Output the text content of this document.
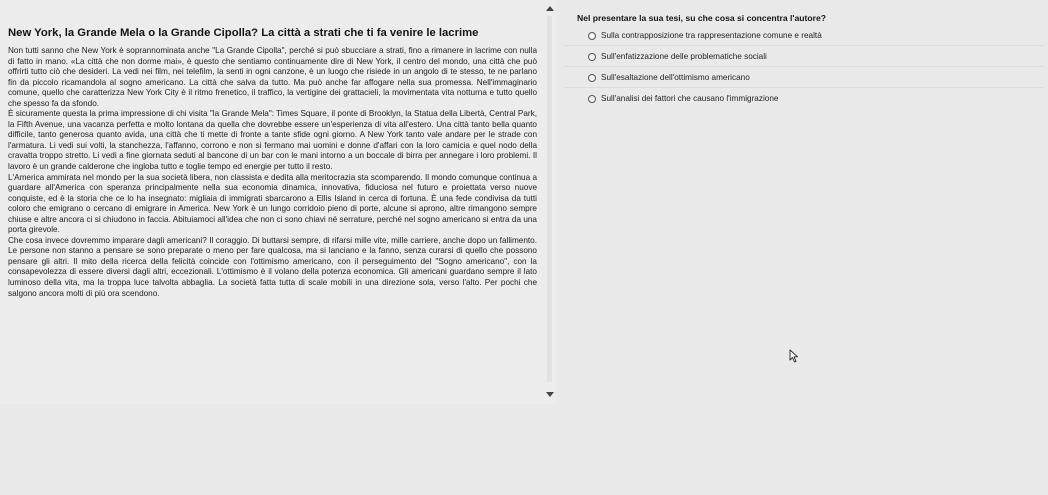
New York, la Grande Mela o la Grande Cipolla? La città a strati che ti fa venire le lacrime

Non tutti sanno che New York è soprannominata anche "La Grande Cipolla", perché si può sbucciare a strati, fino a rimanere in lacrime con nulla di fatto in mano. «La città che non dorme mai», è questo che sentiamo continuamente dire di New York, il centro del mondo, una città che può offrirti tutto ciò che desideri. La vedi nei film, nei telefilm, la senti in ogni canzone, è un luogo che risiede in un angolo di te stesso, te ne parlano fin da piccolo ricamandola al sogno americano. La città che salva da tutto. Ma può anche far affogare nella sua promessa. Nell'immaginario comune, quello che caratterizza New York City è il ritmo frenetico, il traffico, la vertigine dei grattacieli, la movimentata vita notturna e tutto quello che spesso fa da sfondo.

È sicuramente questa la prima impressione di chi visita "la Grande Mela": Times Square, il ponte di Brooklyn, la Statua della Libertà, Central Park, la Fifth Avenue, una vacanza perfetta e molto lontana da quella che dovrebbe essere un'esperienza di vita all'estero. Una città tanto bella quanto difficile, tanto generosa quanto avida, una città che ti mette di fronte a tante sfide ogni giorno. A New York tanto vale andare per le strade con l'armatura. Li vedi sui volti, la stanchezza, l'affanno, corrono e non si fermano mai uomini e donne d'affari con la loro camicia e quel nodo della cravatta troppo stretto. Li vedi a fine giornata seduti al bancone di un bar con le mani intorno a un boccale di birra per annegare i loro problemi. Il lavoro è un grande calderone che ingloba tutto e toglie tempo ed energie per tutto il resto.

L'America ammirata nel mondo per la sua società libera, non classista e dedita alla meritocrazia sta scomparendo. Il mondo comunque continua a guardare all'America con speranza principalmente nella sua economia dinamica, innovativa, fiduciosa nel futuro e proiettata verso nuove conquiste, ed è la storia che ce lo ha insegnato: migliaia di immigrati sbarcarono a Ellis Island in cerca di fortuna. È una fede condivisa da tutti coloro che emigrano o cercano di emigrare in America. New York è un lungo corridoio pieno di porte, alcune si aprono, altre rimangono sempre chiuse e altre ancora ci si chiudono in faccia. Abituiamoci all'idea che non ci sono chiavi né serrature, perché nel sogno americano si entra da una porta girevole.

Che cosa invece dovremmo imparare dagli americani? Il coraggio. Di buttarsi sempre, di rifarsi mille vite, mille carriere, anche dopo un fallimento. Le persone non stanno a pensare se sono preparate o meno per fare qualcosa, ma si lanciano e la fanno, senza curarsi di quello che possono pensare gli altri. Il mito della ricerca della felicità coincide con l'ottimismo americano, con il perseguimento del "Sogno americano", con la consapevolezza di essere diversi dagli altri, eccezionali. L'ottimismo è il volano della potenza economica. Gli americani guardano sempre il lato luminoso della vita, ma la troppa luce talvolta abbaglia. La società fatta tutta di scale mobili in una direzione sola, verso l'alto. Per pochi che salgono ancora molti di più ora scendono.

Nel presentare la sua tesi, su che cosa si concentra l'autore?
Sulla contrapposizione tra rappresentazione comune e realtà
Sull'enfatizzazione delle problematiche sociali
Sull'esaltazione dell'ottimismo americano
Sull'analisi dei fattori che causano l'immigrazione
